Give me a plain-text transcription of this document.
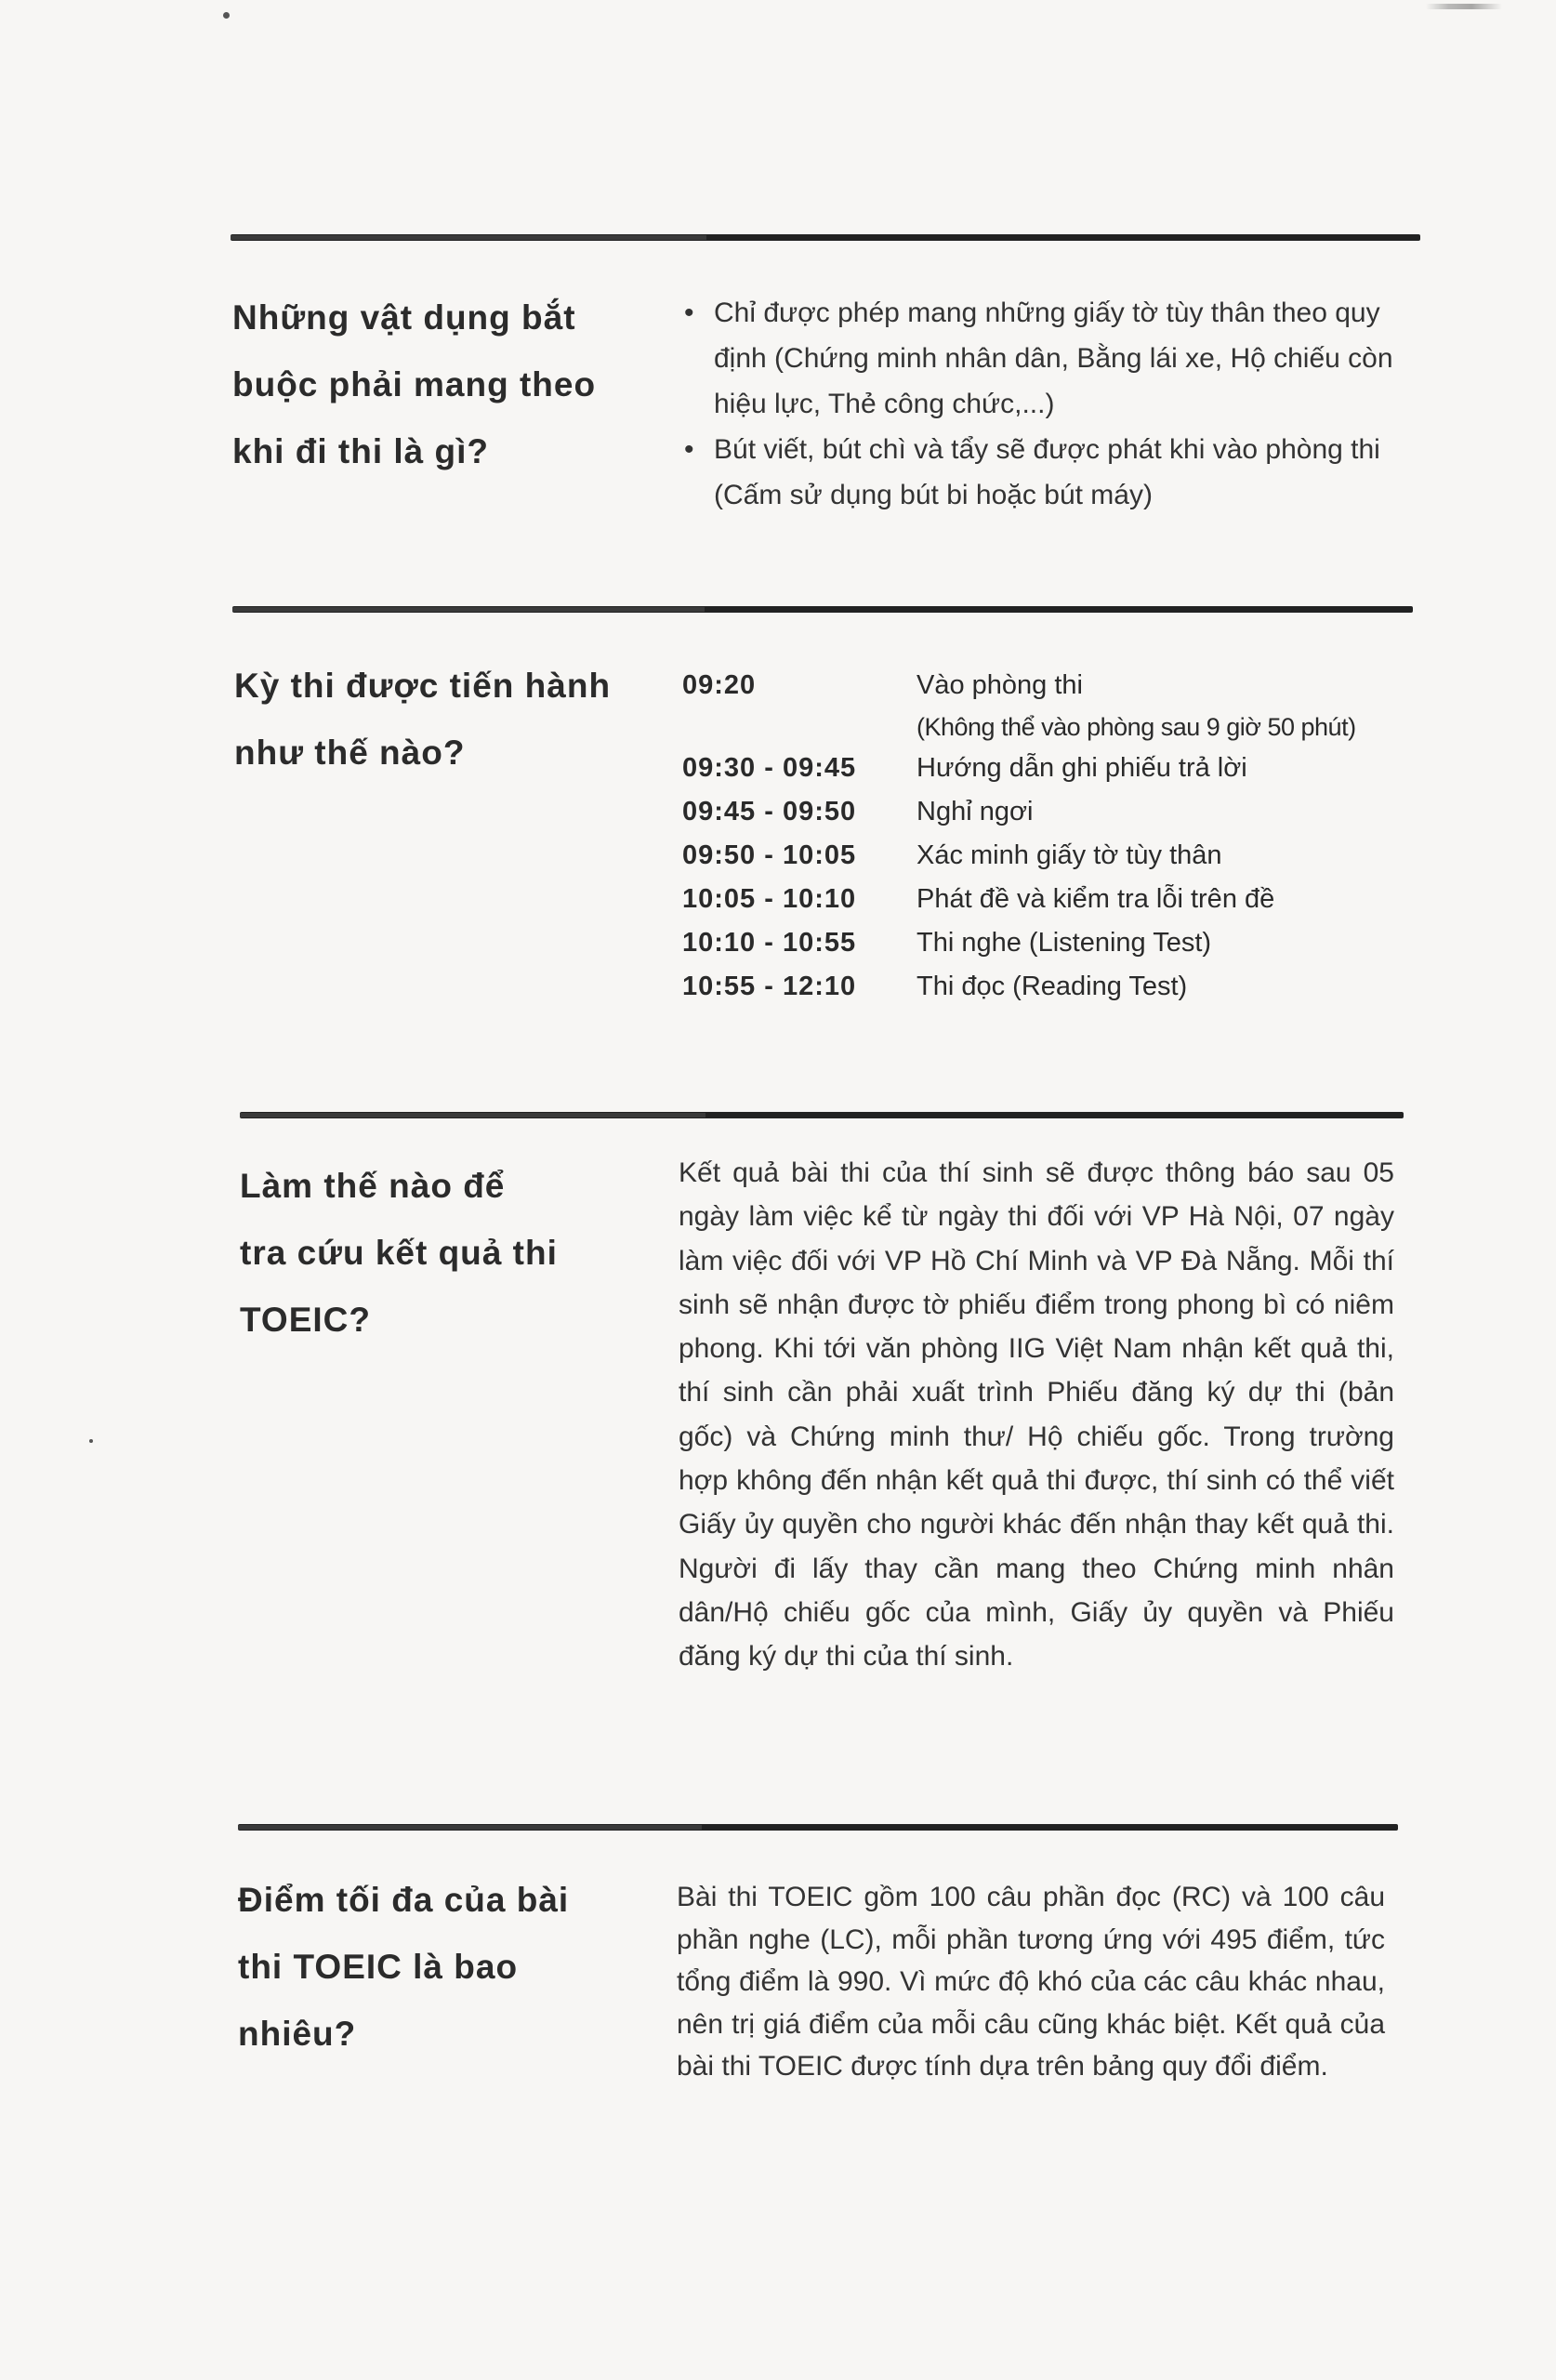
Những vật dụng bắt
buộc phải mang theo
khi đi thi là gì?

• Chỉ được phép mang những giấy tờ tùy thân theo quy định (Chứng minh nhân dân, Bằng lái xe, Hộ chiếu còn hiệu lực, Thẻ công chức,...)
• Bút viết, bút chì và tẩy sẽ được phát khi vào phòng thi (Cấm sử dụng bút bi hoặc bút máy)

Kỳ thi được tiến hành
như thế nào?

09:20	Vào phòng thi
(Không thể vào phòng sau 9 giờ 50 phút)

09:30 - 09:45	Hướng dẫn ghi phiếu trả lời
09:45 - 09:50	Nghỉ ngơi
09:50 - 10:05	Xác minh giấy tờ tùy thân
10:05 - 10:10	Phát đề và kiểm tra lỗi trên đề
10:10 - 10:55	Thi nghe (Listening Test)
10:55 - 12:10	Thi đọc (Reading Test)

Làm thế nào để
tra cứu kết quả thi
TOEIC?

Kết quả bài thi của thí sinh sẽ được thông báo sau 05 ngày làm việc kể từ ngày thi đối với VP Hà Nội, 07 ngày làm việc đối với VP Hồ Chí Minh và VP Đà Nẵng. Mỗi thí sinh sẽ nhận được tờ phiếu điểm trong phong bì có niêm phong. Khi tới văn phòng IIG Việt Nam nhận kết quả thi, thí sinh cần phải xuất trình Phiếu đăng ký dự thi (bản gốc) và Chứng minh thư/ Hộ chiếu gốc. Trong trường hợp không đến nhận kết quả thi được, thí sinh có thể viết Giấy ủy quyền cho người khác đến nhận thay kết quả thi. Người đi lấy thay cần mang theo Chứng minh nhân dân/Hộ chiếu gốc của mình, Giấy ủy quyền và Phiếu đăng ký dự thi của thí sinh.

Điểm tối đa của bài
thi TOEIC là bao
nhiêu?

Bài thi TOEIC gồm 100 câu phần đọc (RC) và 100 câu phần nghe (LC), mỗi phần tương ứng với 495 điểm, tức tổng điểm là 990. Vì mức độ khó của các câu khác nhau, nên trị giá điểm của mỗi câu cũng khác biệt. Kết quả của bài thi TOEIC được tính dựa trên bảng quy đổi điểm.
